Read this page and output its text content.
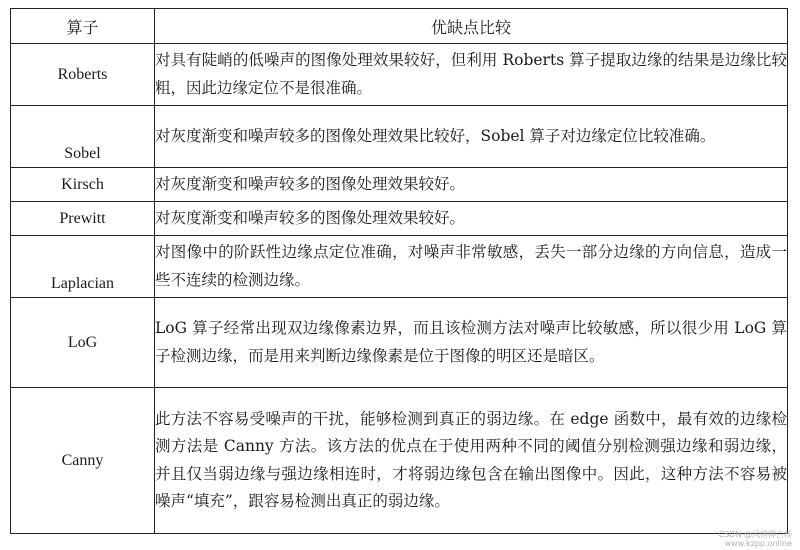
算子	优缺点比较
Roberts	对具有陡峭的低噪声的图像处理效果较好，但利用 Roberts 算子提取边缘的结果是边缘比较粗，因此边缘定位不是很准确。
Sobel	对灰度渐变和噪声较多的图像处理效果比较好，Sobel 算子对边缘定位比较准确。
Kirsch	对灰度渐变和噪声较多的图像处理效果较好。
Prewitt	对灰度渐变和噪声较多的图像处理效果较好。
Laplacian	对图像中的阶跃性边缘点定位准确，对噪声非常敏感，丢失一部分边缘的方向信息，造成一些不连续的检测边缘。
LoG	LoG 算子经常出现双边缘像素边界，而且该检测方法对噪声比较敏感，所以很少用 LoG 算子检测边缘，而是用来判断边缘像素是位于图像的明区还是暗区。
Canny	此方法不容易受噪声的干扰，能够检测到真正的弱边缘。在 edge 函数中，最有效的边缘检测方法是 Canny 方法。该方法的优点在于使用两种不同的阈值分别检测强边缘和弱边缘，并且仅当弱边缘与强边缘相连时，才将弱边缘包含在输出图像中。因此，这种方法不容易被噪声“填充”，跟容易检测出真正的弱边缘。
CSDN @风情柳白杨
www.kzpp.online
